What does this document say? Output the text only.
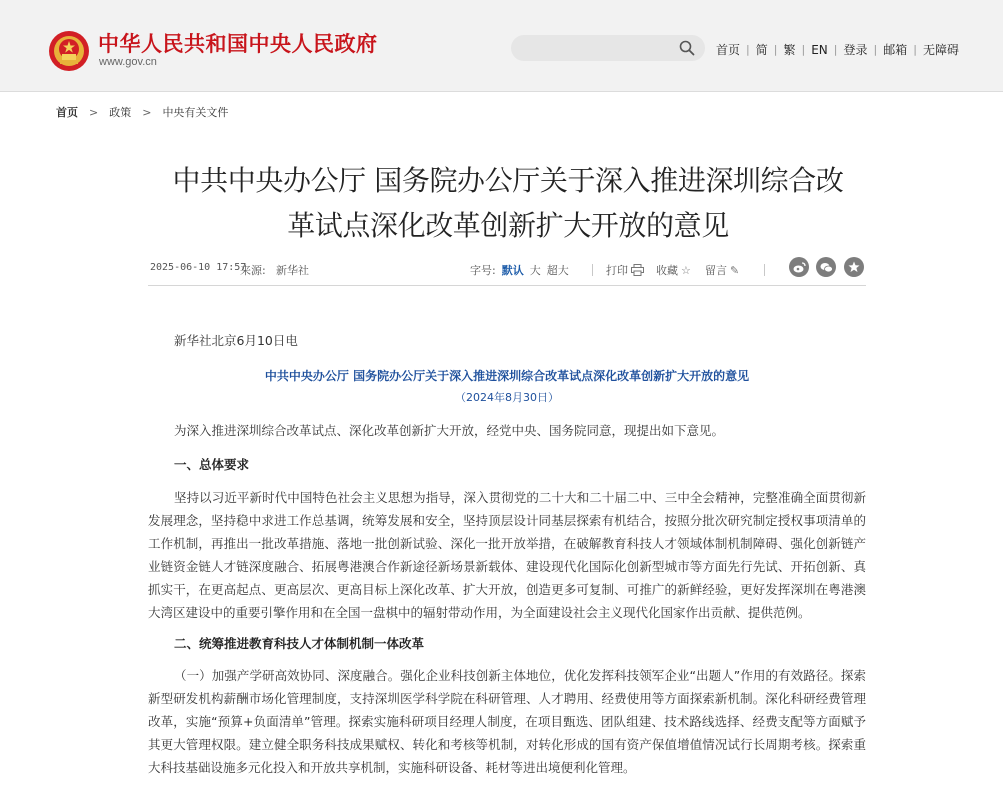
中华人民共和国中央人民政府
www.gov.cn
首页 | 简 | 繁 | EN | 登录 | 邮箱 | 无障碍
首页 > 政策 > 中央有关文件
中共中央办公厅 国务院办公厅关于深入推进深圳综合改
革试点深化改革创新扩大开放的意见
2025-06-10 17:57
来源: 新华社	字号: 默认 大 超大	打印	收藏 ☆ 留言 ✎

新华社北京6月10日电

中共中央办公厅 国务院办公厅关于深入推进深圳综合改革试点深化改革创新扩大开放的意见

（2024年8月30日）

为深入推进深圳综合改革试点、深化改革创新扩大开放，经党中央、国务院同意，现提出如下意见。

一、总体要求

坚持以习近平新时代中国特色社会主义思想为指导，深入贯彻党的二十大和二十届二中、三中全会精神，完整准确全面贯彻新发展理念，坚持稳中求进工作总基调，统筹发展和安全，坚持顶层设计同基层探索有机结合，按照分批次研究制定授权事项清单的工作机制，再推出一批改革措施、落地一批创新试验、深化一批开放举措，在破解教育科技人才领域体制机制障碍、强化创新链产业链资金链人才链深度融合、拓展粤港澳合作新途径新场景新载体、建设现代化国际化创新型城市等方面先行先试、开拓创新、真抓实干，在更高起点、更高层次、更高目标上深化改革、扩大开放，创造更多可复制、可推广的新鲜经验，更好发挥深圳在粤港澳大湾区建设中的重要引擎作用和在全国一盘棋中的辐射带动作用，为全面建设社会主义现代化国家作出贡献、提供范例。

二、统筹推进教育科技人才体制机制一体改革

（一）加强产学研高效协同、深度融合。强化企业科技创新主体地位，优化发挥科技领军企业“出题人”作用的有效路径。探索新型研发机构薪酬市场化管理制度，支持深圳医学科学院在科研管理、人才聘用、经费使用等方面探索新机制。深化科研经费管理改革，实施“预算+负面清单”管理。探索实施科研项目经理人制度，在项目甄选、团队组建、技术路线选择、经费支配等方面赋予其更大管理权限。建立健全职务科技成果赋权、转化和考核等机制，对转化形成的国有资产保值增值情况试行长周期考核。探索重大科技基础设施多元化投入和开放共享机制，实施科研设备、耗材等进出境便利化管理。
